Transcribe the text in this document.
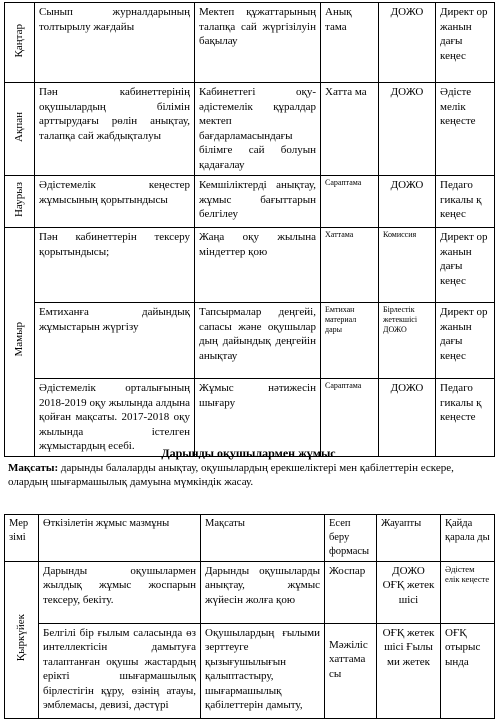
Қаңтар	Сынып журналдарының толтырылу жағдайы	Мектеп құжаттарының талапқа сай жүргізілуін бақылау	Анық тама	ДОЖО	Директ ор жанын дағы кеңес
Ақпан	Пән кабинеттерінің оқушылардың білімін арттырудағы рөлін анықтау, талапқа сай жабдықталуы	Кабинеттегі оқу-әдістемелік құралдар мектеп бағдарламасындағы білімге сай болуын қадағалау	Хатта ма	ДОЖО	Әдісте мелік кеңесте
Наурыз	Әдістемелік кеңестер жұмысының қорытындысы	Кемшіліктерді анықтау, жұмыс бағыттарын белгілеу	Сараптама	ДОЖО	Педаго гикалы қ кеңес
Мамыр	Пән кабинеттерін тексеру қорытындысы;	Жаңа оқу жылына міндеттер қою	Хаттама	Комиссия	Директ ор жанын дағы кеңес
	Емтиханға дайындық жұмыстарын жүргізу	Тапсырмалар деңгейі, сапасы және оқушылар дың дайындық деңгейін анықтау	Емтихан материал дары	Бірлестік жетекшісі ДОЖО	Директ ор жанын дағы кеңес
	Әдістемелік орталығының 2018-2019 оқу жылында алдына қойған мақсаты. 2017-2018 оқу жылында істелген жұмыстардың есебі.	Жұмыс нәтижесін шығару	Сараптама	ДОЖО	Педаго гикалы қ кеңесте
Дарынды оқушылармен жұмыс
Мақсаты: дарынды балаларды анықтау, оқушылардың ерекшеліктері мен қабілеттерін ескере, олардың шығармашылық дамуына мүмкіндік жасау.
Мер зімі	Өткізілетін жұмыс мазмұны	Мақсаты	Есеп беру формасы	Жауапты	Қайда қарала ды
Қыркүйек	Дарынды оқушылармен жылдық жұмыс жоспарын тексеру, бекіту.	Дарынды оқушыларды анықтау, жұмыс жүйесін жолға қою	Жоспар	ДОЖО ОҒҚ жетек шісі	Әдістем елік кеңесте
	Белгілі бір ғылым саласында өз интеллектісін дамытуға талаптанған оқушы жастардың ерікті шығармашылық бірлестігін құру, өзінің атауы, эмблемасы, девизі, дәстүрі	Оқушылардың ғылыми зерттеуге қызығушылығын қалыптастыру, шығармашылық қабілеттерін дамыту,	Мәжіліс хаттама сы	ОҒҚ жетек шісі Ғылы ми жетек	ОҒҚ отырыс ында
